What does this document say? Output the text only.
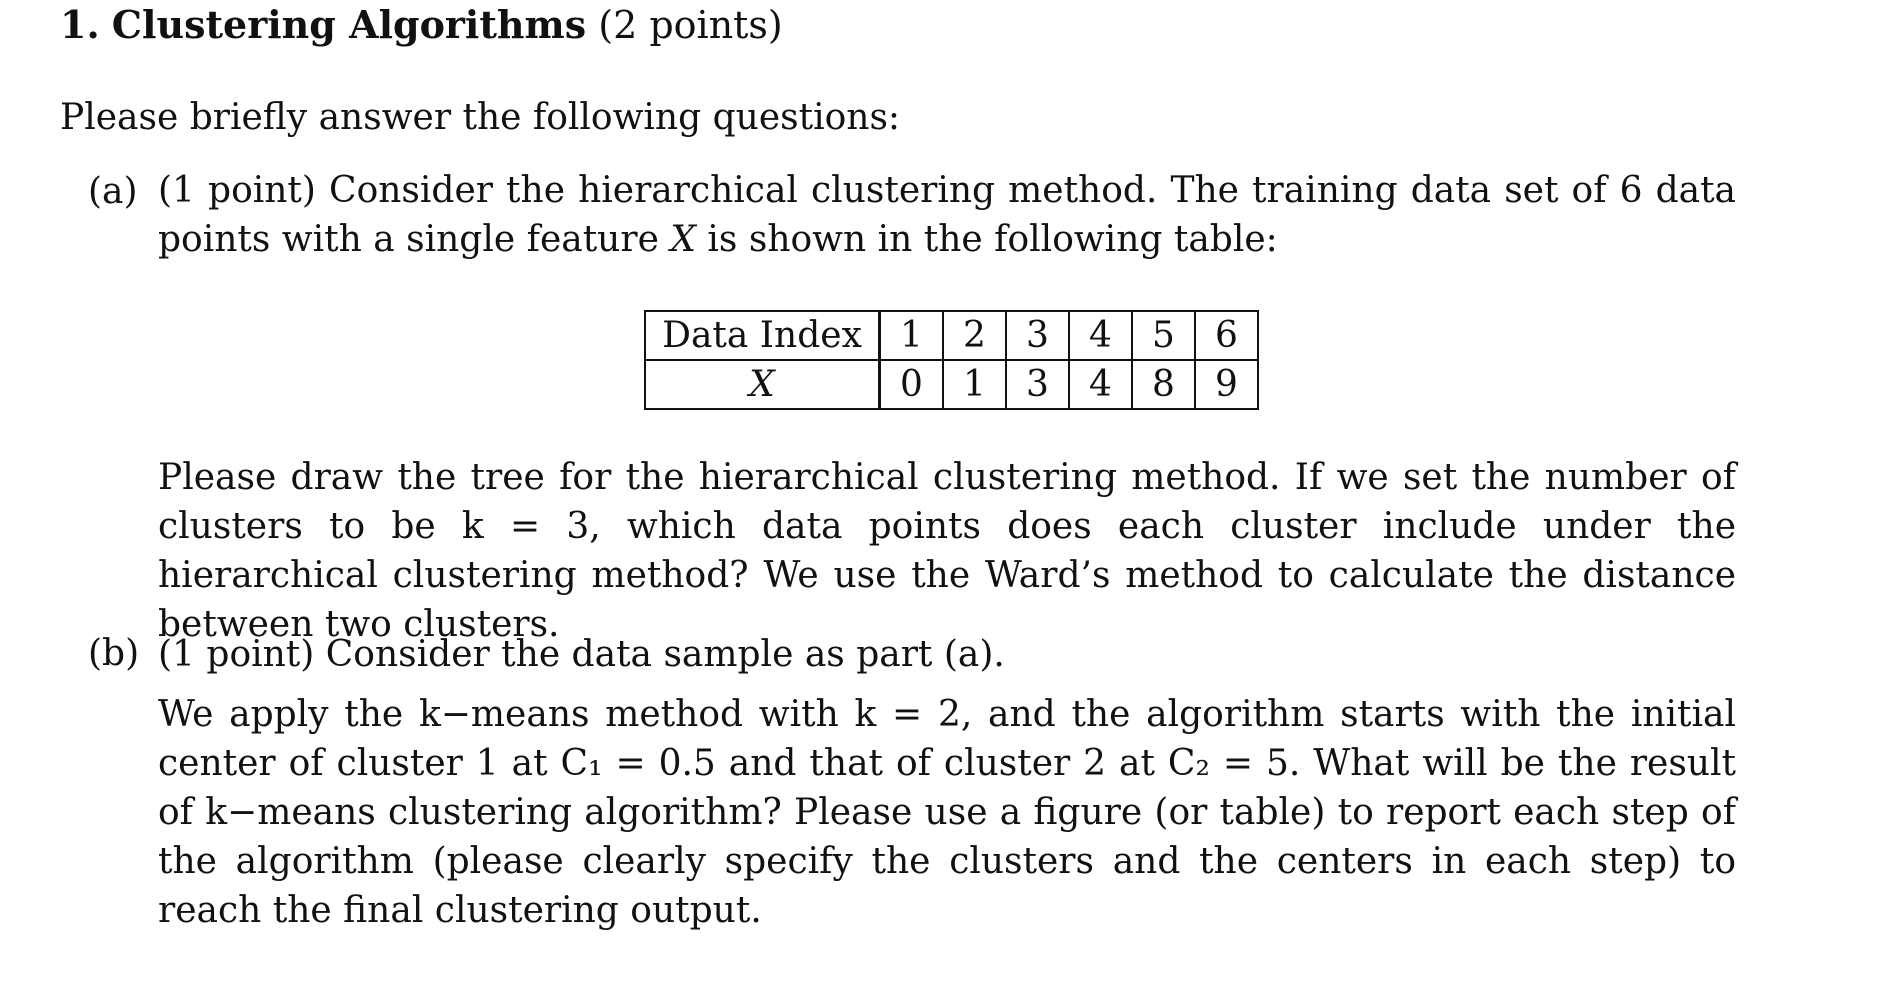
1. Clustering Algorithms (2 points)
Please briefly answer the following questions:
(a) (1 point) Consider the hierarchical clustering method. The training data set of 6 data points with a single feature X is shown in the following table:
Data Index	1	2	3	4	5	6
X	0	1	3	4	8	9
Please draw the tree for the hierarchical clustering method. If we set the number of clusters to be k = 3, which data points does each cluster include under the hierarchical clustering method? We use the Ward’s method to calculate the distance between two clusters.
(b) (1 point) Consider the data sample as part (a).
We apply the k−means method with k = 2, and the algorithm starts with the initial center of cluster 1 at C₁ = 0.5 and that of cluster 2 at C₂ = 5. What will be the result of k−means clustering algorithm? Please use a figure (or table) to report each step of the algorithm (please clearly specify the clusters and the centers in each step) to reach the final clustering output.
